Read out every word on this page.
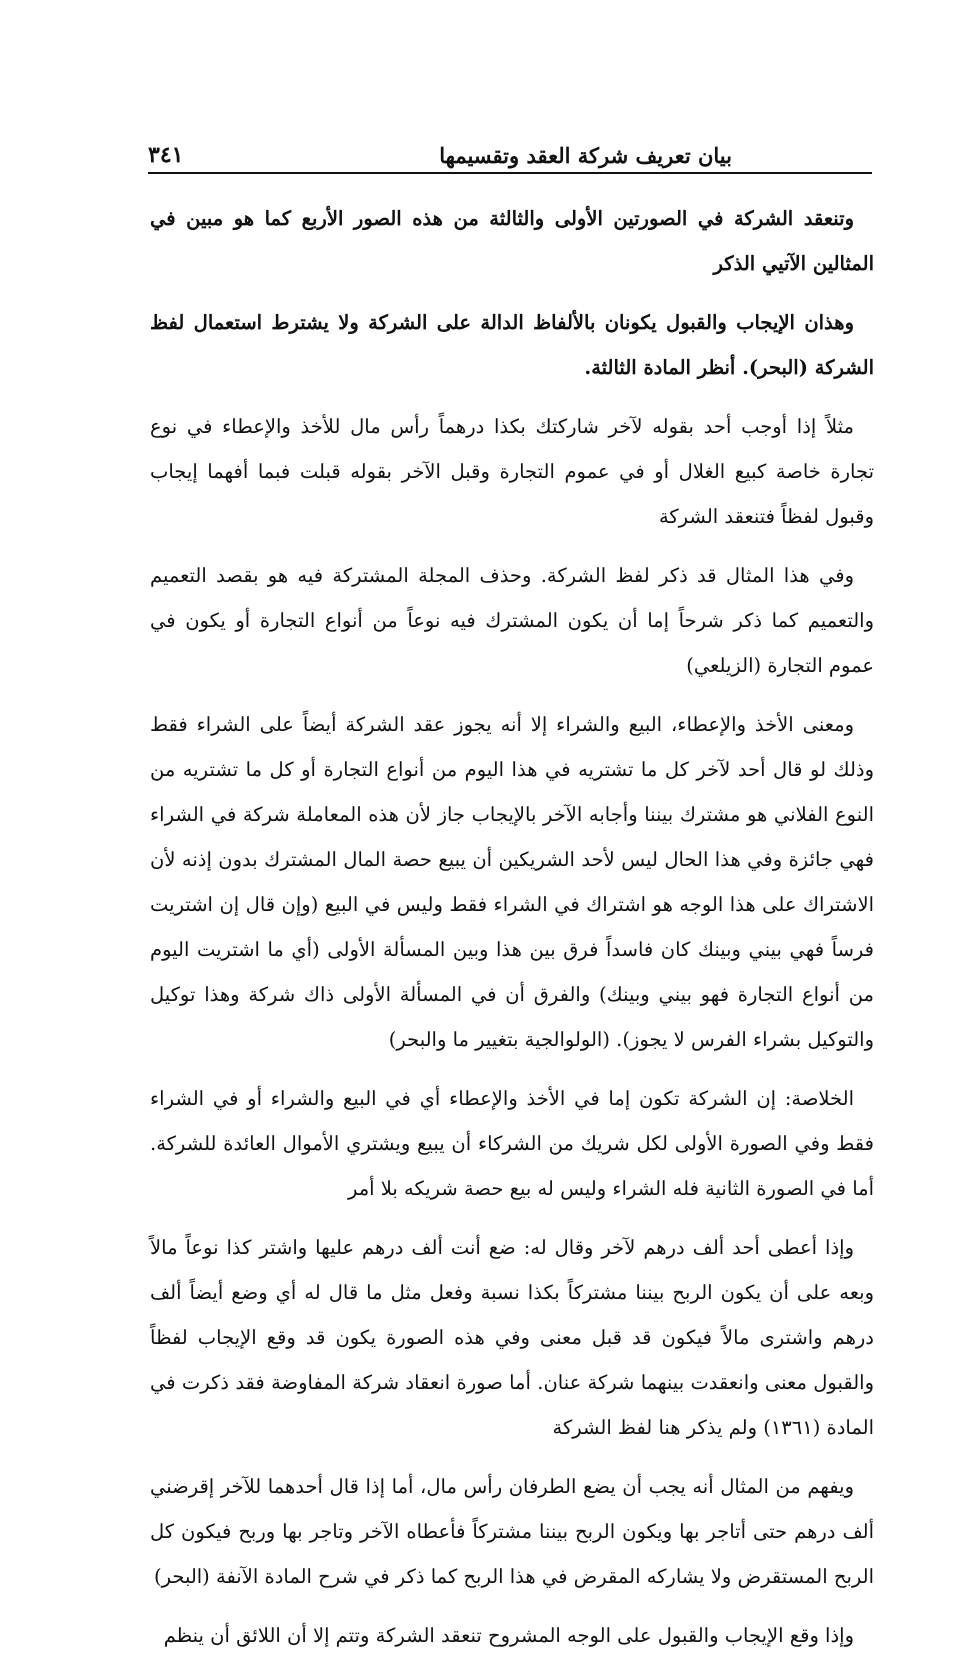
بيان تعريف شركة العقد وتقسيمها
٣٤١

وتنعقد الشركة في الصورتين الأولى والثالثة من هذه الصور الأربع كما هو مبين في المثالين الآتيي الذكر

وهذان الإيجاب والقبول يكونان بالألفاظ الدالة على الشركة ولا يشترط استعمال لفظ الشركة (البحر). أنظر المادة الثالثة.

مثلاً إذا أوجب أحد بقوله لآخر شاركتك بكذا درهماً رأس مال للأخذ والإعطاء في نوع تجارة خاصة كبيع الغلال أو في عموم التجارة وقبل الآخر بقوله قبلت فبما أفهما إيجاب وقبول لفظاً فتنعقد الشركة

وفي هذا المثال قد ذكر لفظ الشركة. وحذف المجلة المشتركة فيه هو بقصد التعميم والتعميم كما ذكر شرحاً إما أن يكون المشترك فيه نوعاً من أنواع التجارة أو يكون في عموم التجارة (الزيلعي)

ومعنى الأخذ والإعطاء، البيع والشراء إلا أنه يجوز عقد الشركة أيضاً على الشراء فقط وذلك لو قال أحد لآخر كل ما تشتريه في هذا اليوم من أنواع التجارة أو كل ما تشتريه من النوع الفلاني هو مشترك بيننا وأجابه الآخر بالإيجاب جاز لأن هذه المعاملة شركة في الشراء فهي جائزة وفي هذا الحال ليس لأحد الشريكين أن يبيع حصة المال المشترك بدون إذنه لأن الاشتراك على هذا الوجه هو اشتراك في الشراء فقط وليس في البيع (وإن قال إن اشتريت فرساً فهي بيني وبينك كان فاسداً فرق بين هذا وبين المسألة الأولى (أي ما اشتريت اليوم من أنواع التجارة فهو بيني وبينك) والفرق أن في المسألة الأولى ذاك شركة وهذا توكيل والتوكيل بشراء الفرس لا يجوز). (الولوالجية بتغيير ما والبحر)

الخلاصة: إن الشركة تكون إما في الأخذ والإعطاء أي في البيع والشراء أو في الشراء فقط وفي الصورة الأولى لكل شريك من الشركاء أن يبيع ويشتري الأموال العائدة للشركة. أما في الصورة الثانية فله الشراء وليس له بيع حصة شريكه بلا أمر

وإذا أعطى أحد ألف درهم لآخر وقال له: ضع أنت ألف درهم عليها واشتر كذا نوعاً مالاً وبعه على أن يكون الربح بيننا مشتركاً بكذا نسبة وفعل مثل ما قال له أي وضع أيضاً ألف درهم واشترى مالاً فيكون قد قبل معنى وفي هذه الصورة يكون قد وقع الإيجاب لفظاً والقبول معنى وانعقدت بينهما شركة عنان. أما صورة انعقاد شركة المفاوضة فقد ذكرت في المادة (١٣٦١) ولم يذكر هنا لفظ الشركة

ويفهم من المثال أنه يجب أن يضع الطرفان رأس مال، أما إذا قال أحدهما للآخر إقرضني ألف درهم حتى أتاجر بها ويكون الربح بيننا مشتركاً فأعطاه الآخر وتاجر بها وربح فيكون كل الربح المستقرض ولا يشاركه المقرض في هذا الربح كما ذكر في شرح المادة الآنفة (البحر)

وإذا وقع الإيجاب والقبول على الوجه المشروح تنعقد الشركة وتتم إلا أن اللائق أن ينظم
